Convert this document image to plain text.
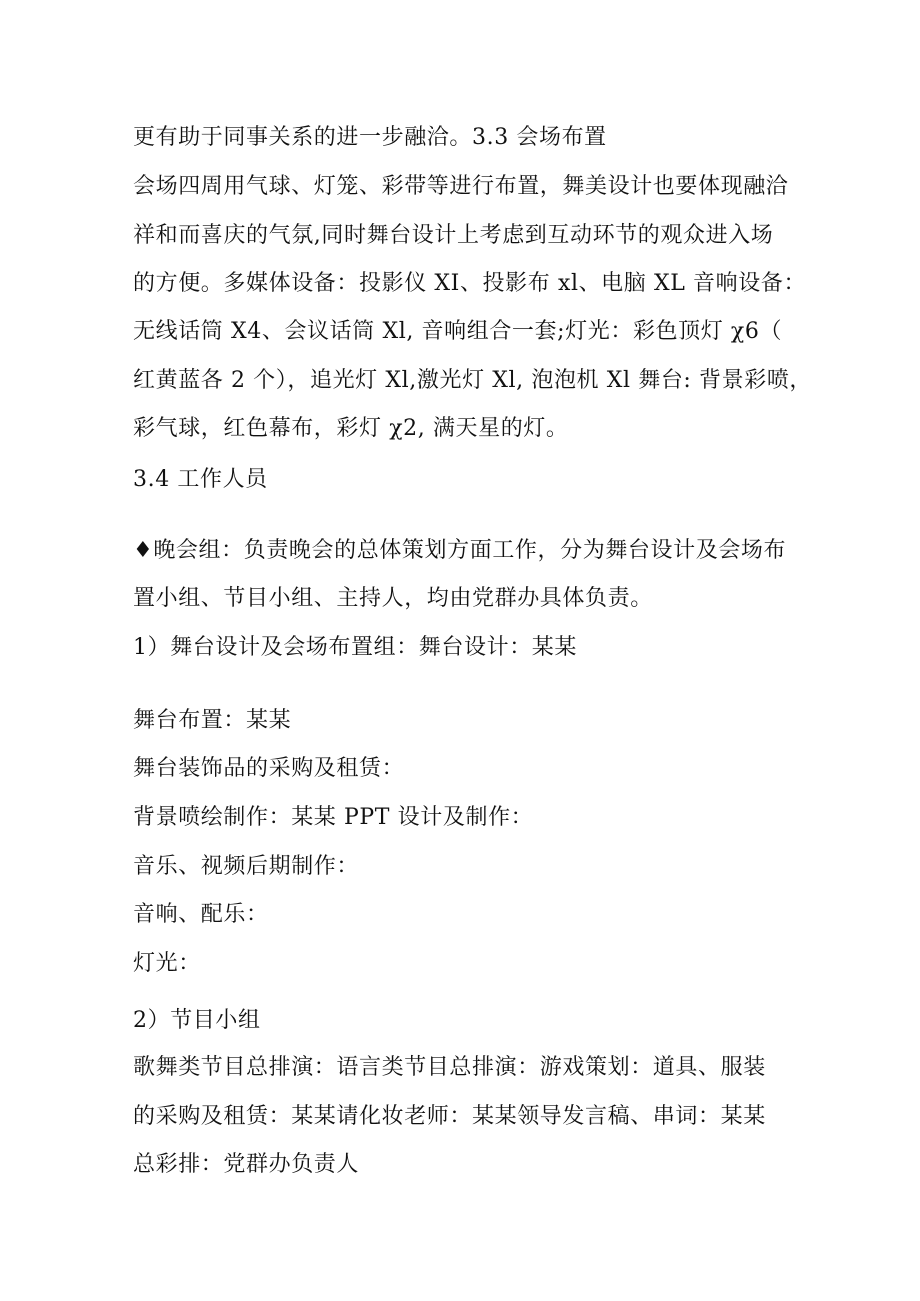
更有助于同事关系的进一步融洽。3.3 会场布置
会场四周用气球、灯笼、彩带等进行布置，舞美设计也要体现融洽
祥和而喜庆的气氛,同时舞台设计上考虑到互动环节的观众进入场
的方便。多媒体设备：投影仪 XI、投影布 xl、电脑 XL 音响设备：
无线话筒 X4、会议话筒 Xl, 音响组合一套;灯光：彩色顶灯 χ6（
红黄蓝各 2 个），追光灯 Xl,激光灯 Xl, 泡泡机 Xl 舞台: 背景彩喷，
彩气球，红色幕布，彩灯 χ2, 满天星的灯。
3.4 工作人员
♦晚会组：负责晚会的总体策划方面工作，分为舞台设计及会场布
置小组、节目小组、主持人，均由党群办具体负责。
1）舞台设计及会场布置组：舞台设计：某某
舞台布置：某某
舞台装饰品的采购及租赁：
背景喷绘制作：某某 PPT 设计及制作：
音乐、视频后期制作：
音响、配乐：
灯光：
2）节目小组
歌舞类节目总排演：语言类节目总排演：游戏策划：道具、服装
的采购及租赁：某某请化妆老师：某某领导发言稿、串词：某某
总彩排：党群办负责人
